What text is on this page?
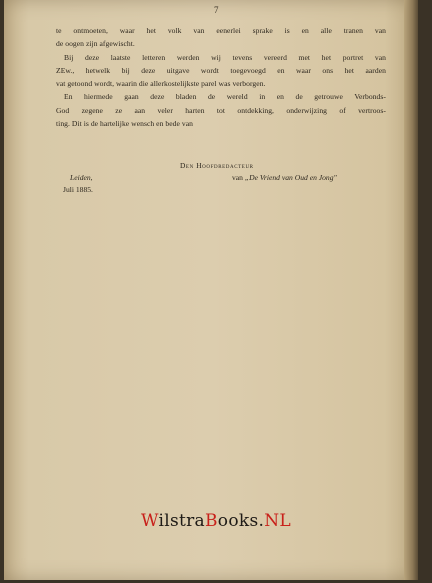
7

te ontmoeten, waar het volk van eenerlei sprake is en alle tranen van
de oogen zijn afgewischt.

Bij deze laatste letteren werden wij tevens vereerd met het portret van
ZEw., hetwelk bij deze uitgave wordt toegevoegd en waar ons het aarden
vat getoond wordt, waarin die allerkostelijkste parel was verborgen.

En hiermede gaan deze bladen de wereld in en de getrouwe Verbonds-
God zegene ze aan veler harten tot ontdekking, onderwijzing of vertroos-
ting. Dit is de hartelijke wensch en bede van

Den Hoofdredacteur
Leiden,	van „De Vriend van Oud en Jong"
Juli 1885.
WilstraBooks.NL
